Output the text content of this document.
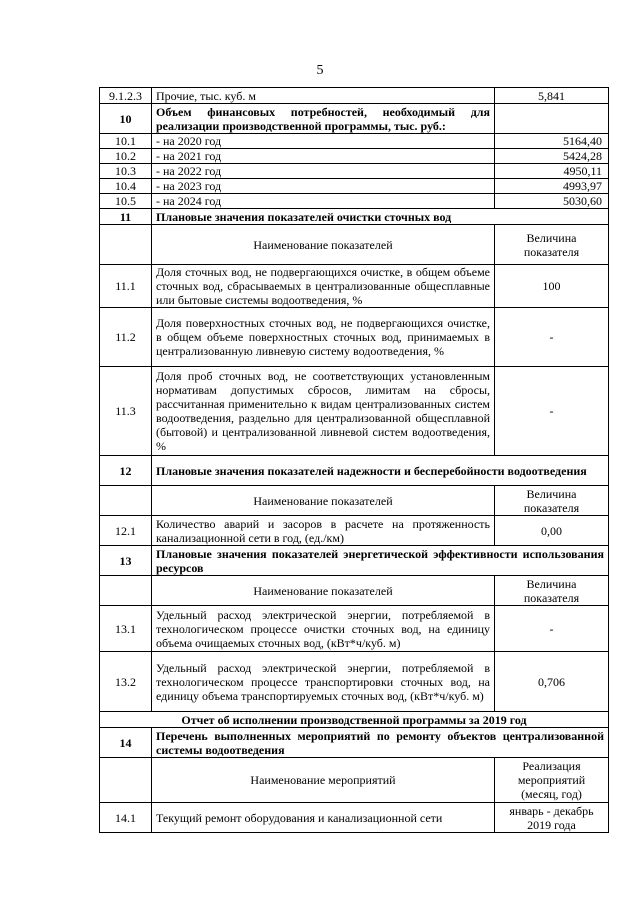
5
9.1.2.3	Прочие, тыс. куб. м	5,841
10	Объем финансовых потребностей, необходимый для реализации производственной программы, тыс. руб.:	
10.1	- на 2020 год	5164,40
10.2	- на 2021 год	5424,28
10.3	- на 2022 год	4950,11
10.4	- на 2023 год	4993,97
10.5	- на 2024 год	5030,60
11	Плановые значения показателей очистки сточных вод	
	Наименование показателей	Величина показателя
11.1	Доля сточных вод, не подвергающихся очистке, в общем объеме сточных вод, сбрасываемых в централизованные общесплавные или бытовые системы водоотведения, %	100
11.2	Доля поверхностных сточных вод, не подвергающихся очистке, в общем объеме поверхностных сточных вод, принимаемых в централизованную ливневую систему водоотведения, %	-
11.3	Доля проб сточных вод, не соответствующих установленным нормативам допустимых сбросов, лимитам на сбросы, рассчитанная применительно к видам централизованных систем водоотведения, раздельно для централизованной общесплавной (бытовой) и централизованной ливневой систем водоотведения, %	-
12	Плановые значения показателей надежности и бесперебойности водоотведения	
	Наименование показателей	Величина показателя
12.1	Количество аварий и засоров в расчете на протяженность канализационной сети в год, (ед./км)	0,00
13	Плановые значения показателей энергетической эффективности использования ресурсов	
	Наименование показателей	Величина показателя
13.1	Удельный расход электрической энергии, потребляемой в технологическом процессе очистки сточных вод, на единицу объема очищаемых сточных вод, (кВт*ч/куб. м)	-
13.2	Удельный расход электрической энергии, потребляемой в технологическом процессе транспортировки сточных вод, на единицу объема транспортируемых сточных вод, (кВт*ч/куб. м)	0,706
Отчет об исполнении производственной программы за 2019 год		
14	Перечень выполненных мероприятий по ремонту объектов централизованной системы водоотведения	
	Наименование мероприятий	Реализация мероприятий (месяц, год)
14.1	Текущий ремонт оборудования и канализационной сети	январь - декабрь 2019 года
